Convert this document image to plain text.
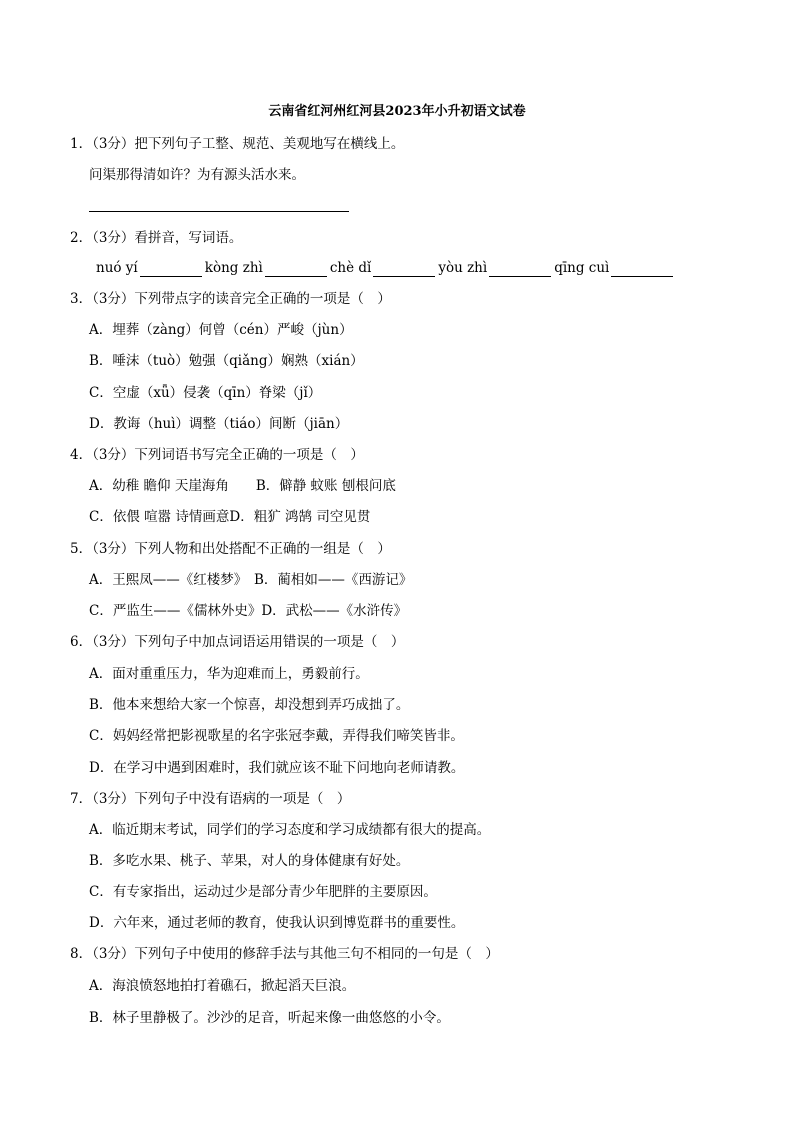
云南省红河州红河县2023年小升初语文试卷
1．（3分）把下列句子工整、规范、美观地写在横线上。
问渠那得清如许？为有源头活水来。
2．（3分）看拼音，写词语。
nuó yí	kòng zhì	chè dǐ	yòu zhì	qīng cuì
3．（3分）下列带点字的读音完全正确的一项是（　）
A．埋葬（zàng）何曾（cén）严峻（jùn）
B．唾沫（tuò）勉强（qiǎng）娴熟（xián）
C．空虚（xǖ）侵袭（qīn）脊梁（jǐ）
D．教诲（huì）调整（tiáo）间断（jiān）
4．（3分）下列词语书写完全正确的一项是（　）
A．幼稚 瞻仰 天崖海角　　B．僻静 蚊账 刨根问底
C．依偎 喧嚣 诗情画意D．粗犷 鸿鹄 司空见贯
5．（3分）下列人物和出处搭配不正确的一组是（　）
A．王熙凤——《红楼梦》　B．蔺相如——《西游记》
C．严监生——《儒林外史》D．武松——《水浒传》
6．（3分）下列句子中加点词语运用错误的一项是（　）
A．面对重重压力，华为迎难而上，勇毅前行。
B．他本来想给大家一个惊喜，却没想到弄巧成拙了。
C．妈妈经常把影视歌星的名字张冠李戴，弄得我们啼笑皆非。
D．在学习中遇到困难时，我们就应该不耻下问地向老师请教。
7．（3分）下列句子中没有语病的一项是（　）
A．临近期末考试，同学们的学习态度和学习成绩都有很大的提高。
B．多吃水果、桃子、苹果，对人的身体健康有好处。
C．有专家指出，运动过少是部分青少年肥胖的主要原因。
D．六年来，通过老师的教育，使我认识到博览群书的重要性。
8．（3分）下列句子中使用的修辞手法与其他三句不相同的一句是（　）
A．海浪愤怒地拍打着礁石，掀起滔天巨浪。
B．林子里静极了。沙沙的足音，听起来像一曲悠悠的小令。
